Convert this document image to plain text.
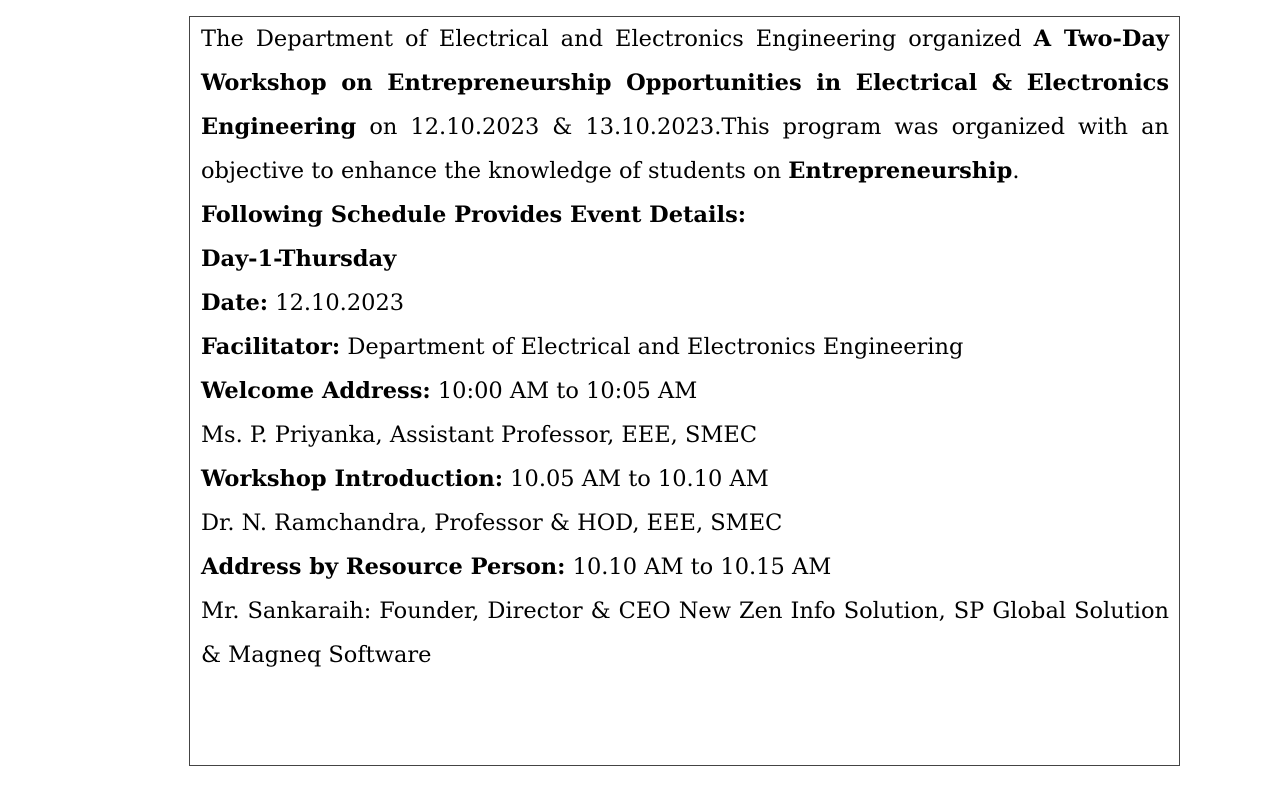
The Department of Electrical and Electronics Engineering organized A Two-Day Workshop on Entrepreneurship Opportunities in Electrical & Electronics Engineering on 12.10.2023 & 13.10.2023.This program was organized with an objective to enhance the knowledge of students on Entrepreneurship.

Following Schedule Provides Event Details:

Day-1-Thursday

Date: 12.10.2023

Facilitator: Department of Electrical and Electronics Engineering

Welcome Address: 10:00 AM to 10:05 AM

Ms. P. Priyanka, Assistant Professor, EEE, SMEC

Workshop Introduction: 10.05 AM to 10.10 AM

Dr. N. Ramchandra, Professor & HOD, EEE, SMEC

Address by Resource Person: 10.10 AM to 10.15 AM

Mr. Sankaraih: Founder, Director & CEO New Zen Info Solution, SP Global Solution & Magneq Software
